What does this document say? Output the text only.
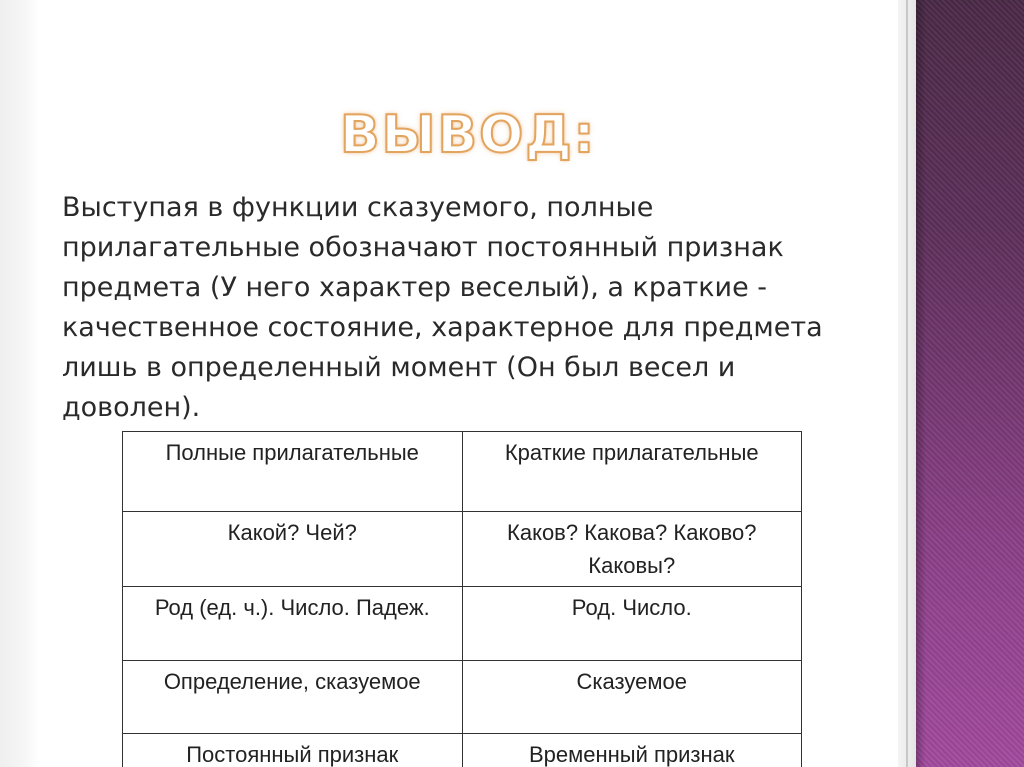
ВЫВОД:

Выступая в функции сказуемого, полные прилагательные обозначают постоянный признак предмета (У него характер веселый), а краткие - качественное состояние, характерное для предмета лишь в определенный момент (Он был весел и доволен).

Полные прилагательные	Краткие прилагательные
Какой? Чей?	Каков? Какова? Каково? Каковы?
Род (ед. ч.). Число. Падеж.	Род. Число.
Определение, сказуемое	Сказуемое
Постоянный признак	Временный признак
